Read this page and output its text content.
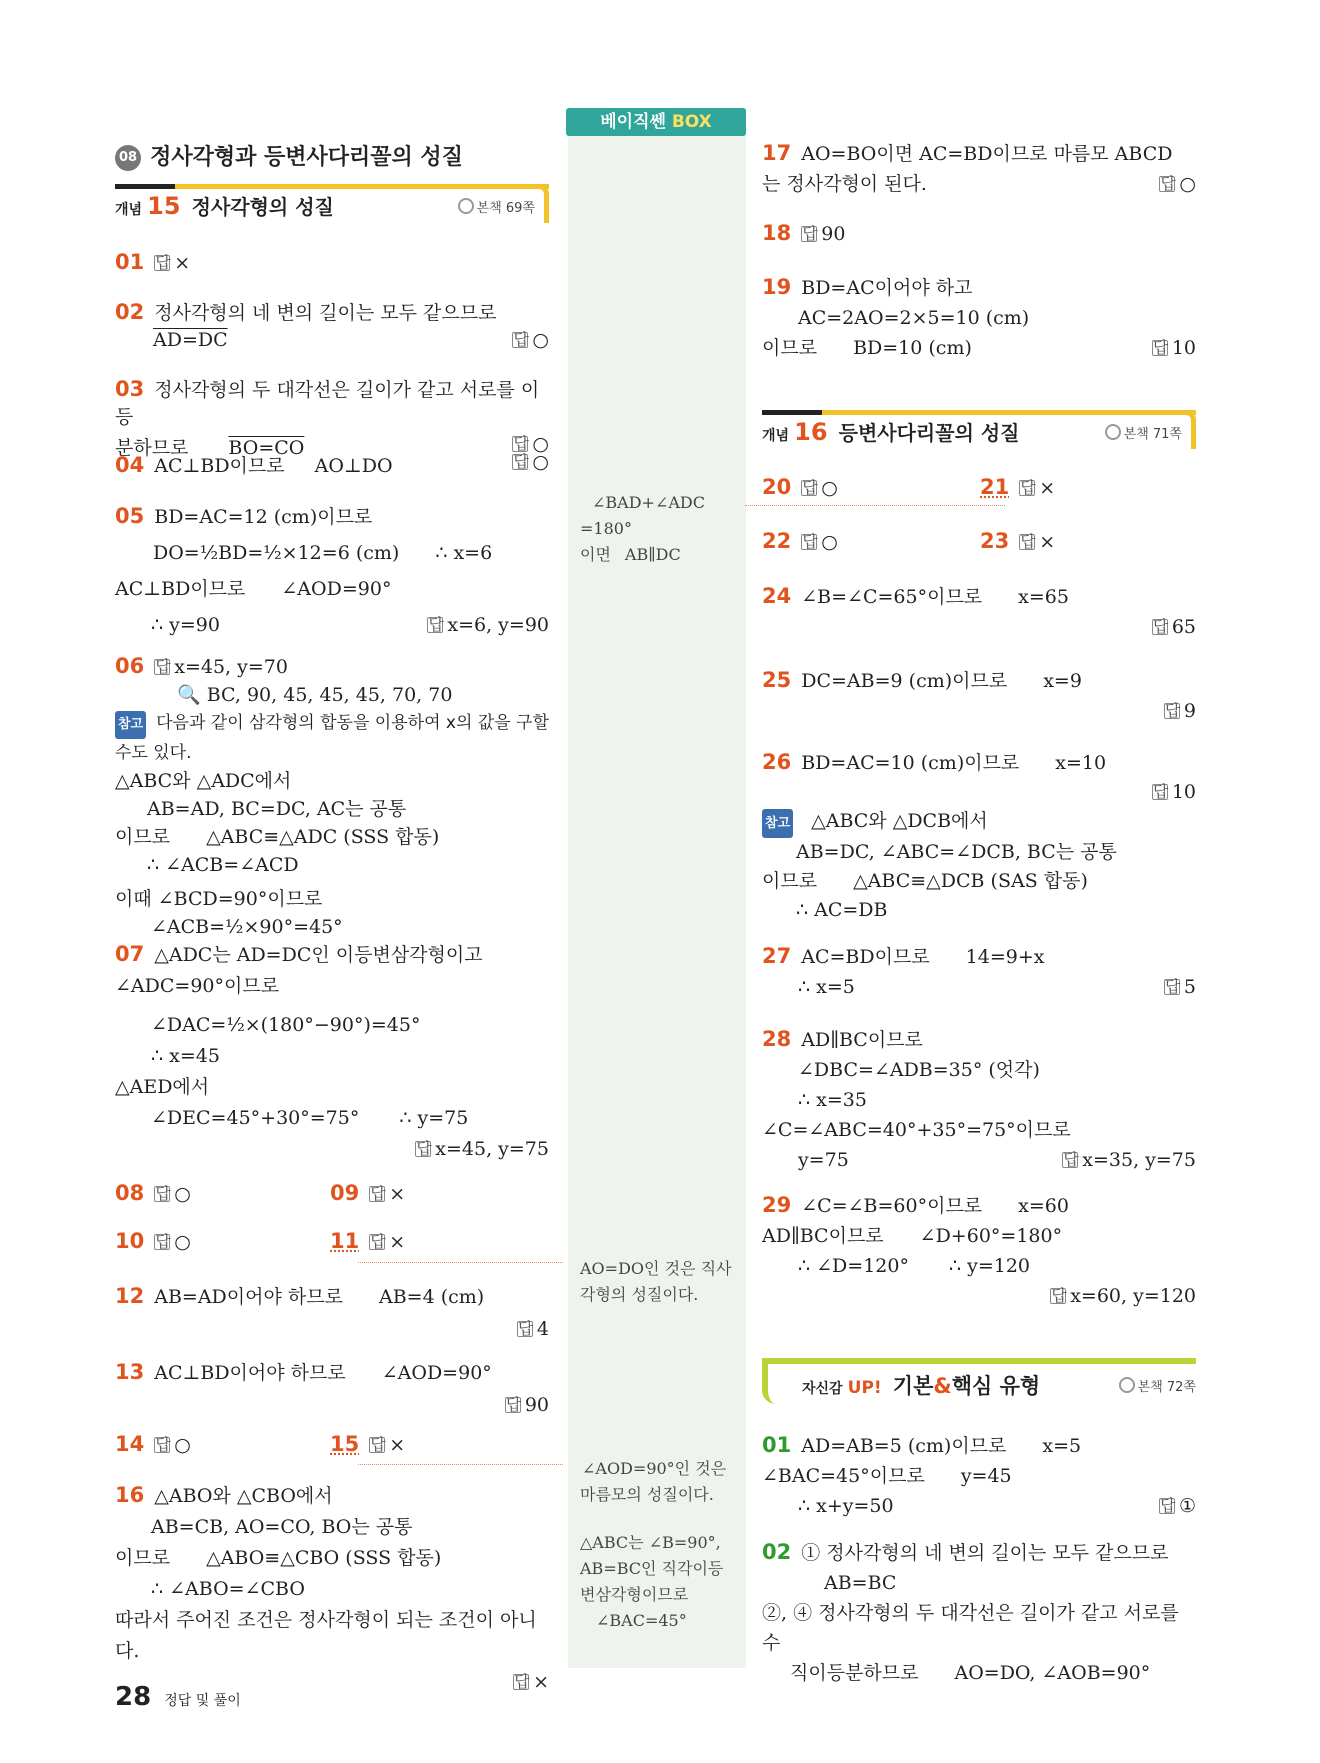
베이직쎈 BOX
08 정사각형과 등변사다리꼴의 성질
개념 15 정사각형의 성질	본책 69쪽
01 답 ×
02 정사각형의 네 변의 길이는 모두 같으므로
AD=DC	답 ○
03 정사각형의 두 대각선은 길이가 같고 서로를 이등
분하므로 BO=CO	답 ○
04 AC⊥BD이므로 AO⊥DO	답 ○
05 BD=AC=12 (cm)이므로
DO=½BD=½×12=6 (cm) ∴ x=6
AC⊥BD이므로 ∠AOD=90°
∴ y=90	답 x=6, y=90
06 답 x=45, y=70
🔍 BC, 90, 45, 45, 45, 70, 70
참고 다음과 같이 삼각형의 합동을 이용하여 x의 값을 구할
수도 있다.
△ABC와 △ADC에서
AB=AD, BC=DC, AC는 공통
이므로 △ABC≡△ADC (SSS 합동)
∴ ∠ACB=∠ACD
이때 ∠BCD=90°이므로∠ACB=½×90°=45°
07 △ADC는 AD=DC인 이등변삼각형이고
∠ADC=90°이므로
∠DAC=½×(180°−90°)=45°
∴ x=45
△AED에서
∠DEC=45°+30°=75° ∴ y=75
답 x=45, y=75
08 답 ○	09 답 ×
10 답 ○	11 답 ×
12 AB=AD이어야 하므로 AB=4 (cm)
답 4
13 AC⊥BD이어야 하므로 ∠AOD=90°
답 90
14 답 ○	15 답 ×
16 △ABO와 △CBO에서
AB=CB, AO=CO, BO는 공통
이므로 △ABO≡△CBO (SSS 합동)
∴ ∠ABO=∠CBO
따라서 주어진 조건은 정사각형이 되는 조건이 아니다.
답 ×
∠BAD+∠ADC
=180°
이면 AB∥DC
AO=DO인 것은 직사
각형의 성질이다.
∠AOD=90°인 것은
마름모의 성질이다.
△ABC는 ∠B=90°,
AB=BC인 직각이등
변삼각형이므로
∠BAC=45°
17 AO=BO이면 AC=BD이므로 마름모 ABCD
는 정사각형이 된다.	답 ○
18 답 90
19 BD=AC이어야 하고
AC=2AO=2×5=10 (cm)
이므로 BD=10 (cm)	답 10
개념 16 등변사다리꼴의 성질	본책 71쪽
20 답 ○	21 답 ×
22 답 ○	23 답 ×
24 ∠B=∠C=65°이므로 x=65
답 65
25 DC=AB=9 (cm)이므로 x=9
답 9
26 BD=AC=10 (cm)이므로 x=10
답 10
참고 △ABC와 △DCB에서
AB=DC, ∠ABC=∠DCB, BC는 공통
이므로 △ABC≡△DCB (SAS 합동)
∴ AC=DB
27 AC=BD이므로 14=9+x
∴ x=5	답 5
28 AD∥BC이므로
∠DBC=∠ADB=35° (엇각)
∴ x=35
∠C=∠ABC=40°+35°=75°이므로
y=75	답 x=35, y=75
29 ∠C=∠B=60°이므로 x=60
AD∥BC이므로 ∠D+60°=180°
∴ ∠D=120° ∴ y=120
답 x=60, y=120
자신감 UP! 기본&핵심 유형	본책 72쪽
01 AD=AB=5 (cm)이므로 x=5
∠BAC=45°이므로 y=45
∴ x+y=50	답 ①
02 ① 정사각형의 네 변의 길이는 모두 같으므로
AB=BC
②, ④ 정사각형의 두 대각선은 길이가 같고 서로를 수
직이등분하므로 AO=DO, ∠AOB=90°
28 정답 및 풀이
